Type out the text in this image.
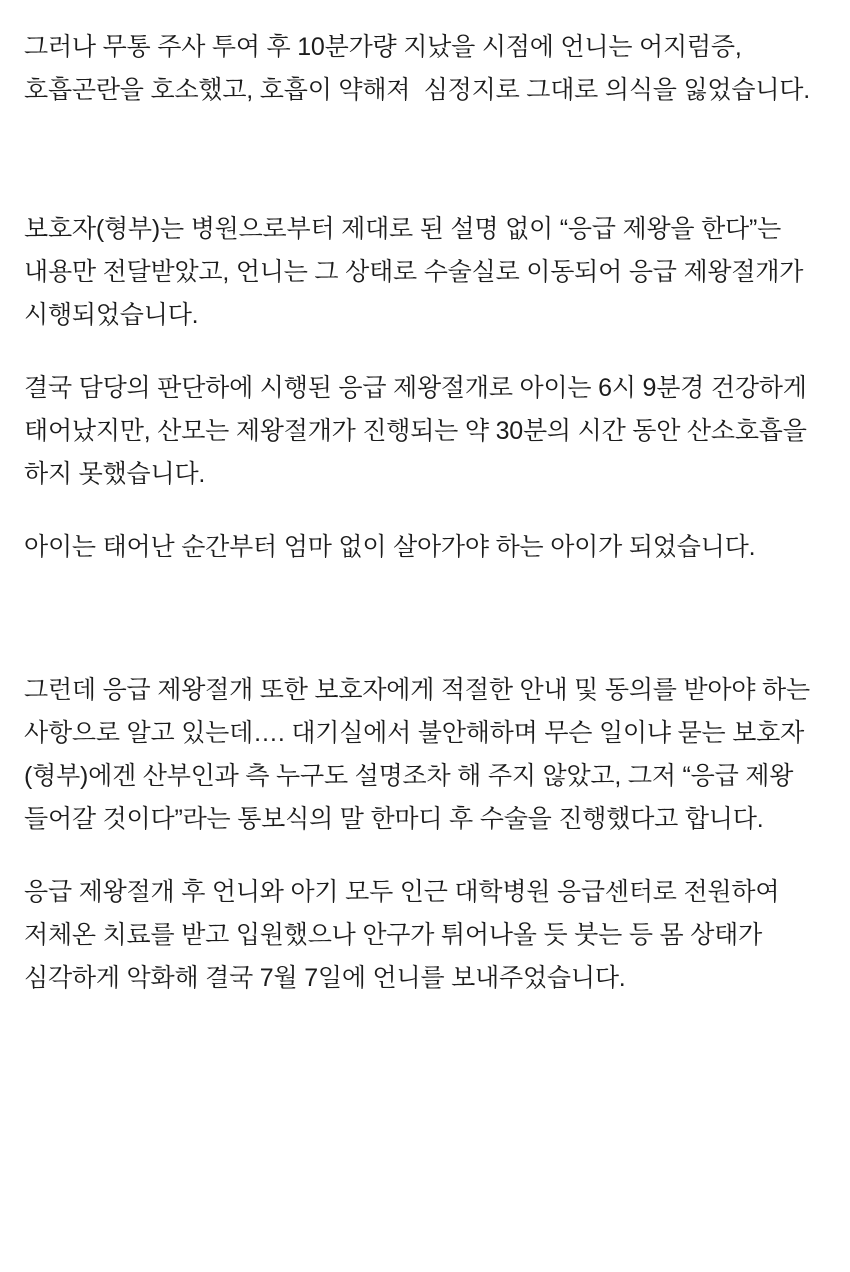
그러나 무통 주사 투여 후 10분가량 지났을 시점에 언니는 어지럼증, 호흡곤란을 호소했고, 호흡이 약해져  심정지로 그대로 의식을 잃었습니다.

보호자(형부)는 병원으로부터 제대로 된 설명 없이 “응급 제왕을 한다”는 내용만 전달받았고, 언니는 그 상태로 수술실로 이동되어 응급 제왕절개가 시행되었습니다.

결국 담당의 판단하에 시행된 응급 제왕절개로 아이는 6시 9분경 건강하게 태어났지만, 산모는 제왕절개가 진행되는 약 30분의 시간 동안 산소호흡을 하지 못했습니다.

아이는 태어난 순간부터 엄마 없이 살아가야 하는 아이가 되었습니다.

그런데 응급 제왕절개 또한 보호자에게 적절한 안내 및 동의를 받아야 하는 사항으로 알고 있는데…. 대기실에서 불안해하며 무슨 일이냐 묻는 보호자(형부)에겐 산부인과 측 누구도 설명조차 해 주지 않았고, 그저 “응급 제왕 들어갈 것이다”라는 통보식의 말 한마디 후 수술을 진행했다고 합니다.

응급 제왕절개 후 언니와 아기 모두 인근 대학병원 응급센터로 전원하여 저체온 치료를 받고 입원했으나 안구가 튀어나올 듯 붓는 등 몸 상태가 심각하게 악화해 결국 7월 7일에 언니를 보내주었습니다.
